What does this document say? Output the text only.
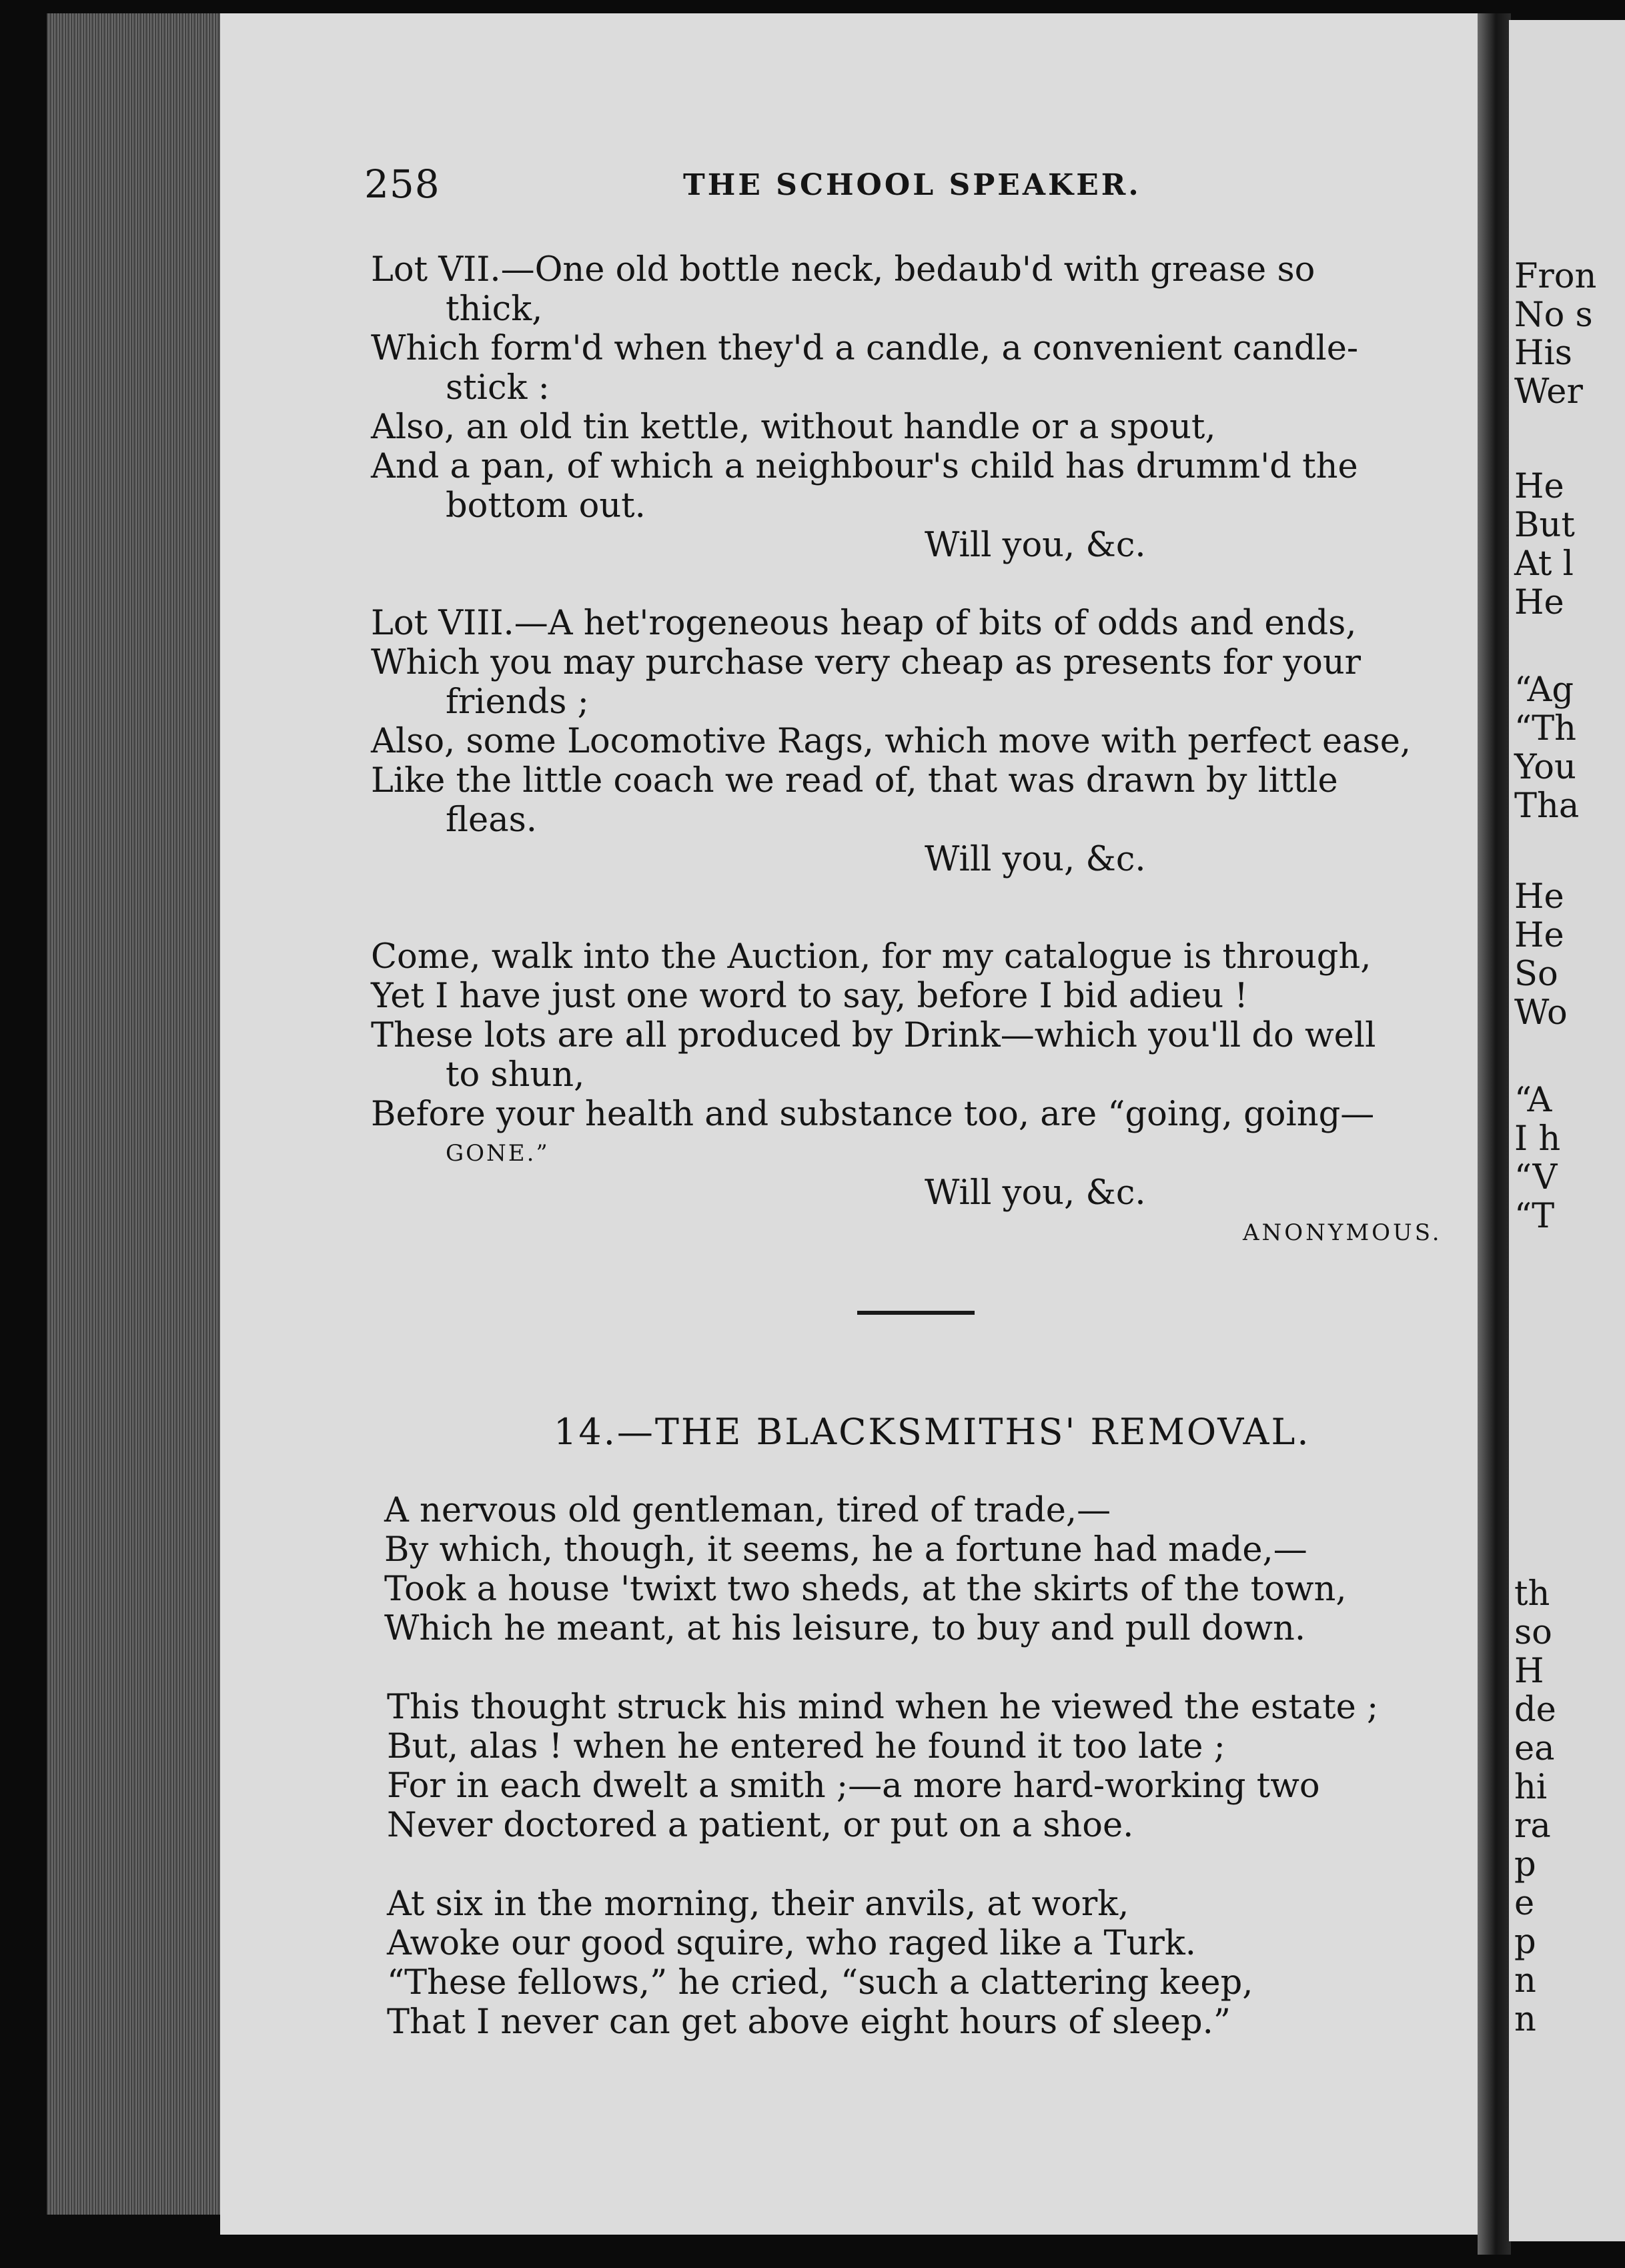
258	THE SCHOOL SPEAKER.
Lot VII.—One old bottle neck, bedaub'd with grease so
thick,
Which form'd when they'd a candle, a convenient candle-
stick :
Also, an old tin kettle, without handle or a spout,
And a pan, of which a neighbour's child has drumm'd the
bottom out.
Will you, &c.
Lot VIII.—A het'rogeneous heap of bits of odds and ends,
Which you may purchase very cheap as presents for your
friends ;
Also, some Locomotive Rags, which move with perfect ease,
Like the little coach we read of, that was drawn by little
fleas.
Will you, &c.
Come, walk into the Auction, for my catalogue is through,
Yet I have just one word to say, before I bid adieu !
These lots are all produced by Drink—which you'll do well
to shun,
Before your health and substance too, are “going, going—
GONE.”
Will you, &c.
ANONYMOUS.
14.—THE BLACKSMITHS' REMOVAL.
A nervous old gentleman, tired of trade,—
By which, though, it seems, he a fortune had made,—
Took a house 'twixt two sheds, at the skirts of the town,
Which he meant, at his leisure, to buy and pull down.
This thought struck his mind when he viewed the estate ;
But, alas ! when he entered he found it too late ;
For in each dwelt a smith ;—a more hard-working two
Never doctored a patient, or put on a shoe.
At six in the morning, their anvils, at work,
Awoke our good squire, who raged like a Turk.
“These fellows,” he cried, “such a clattering keep,
That I never can get above eight hours of sleep.”
Fron
No s
His
Wer
He
But
At l
He
“Ag
“Th
You
Tha
He
He
So
Wo
“A
I h
“V
“T
th
so
H
de
ea
hi
ra
p
e
p
n
n
